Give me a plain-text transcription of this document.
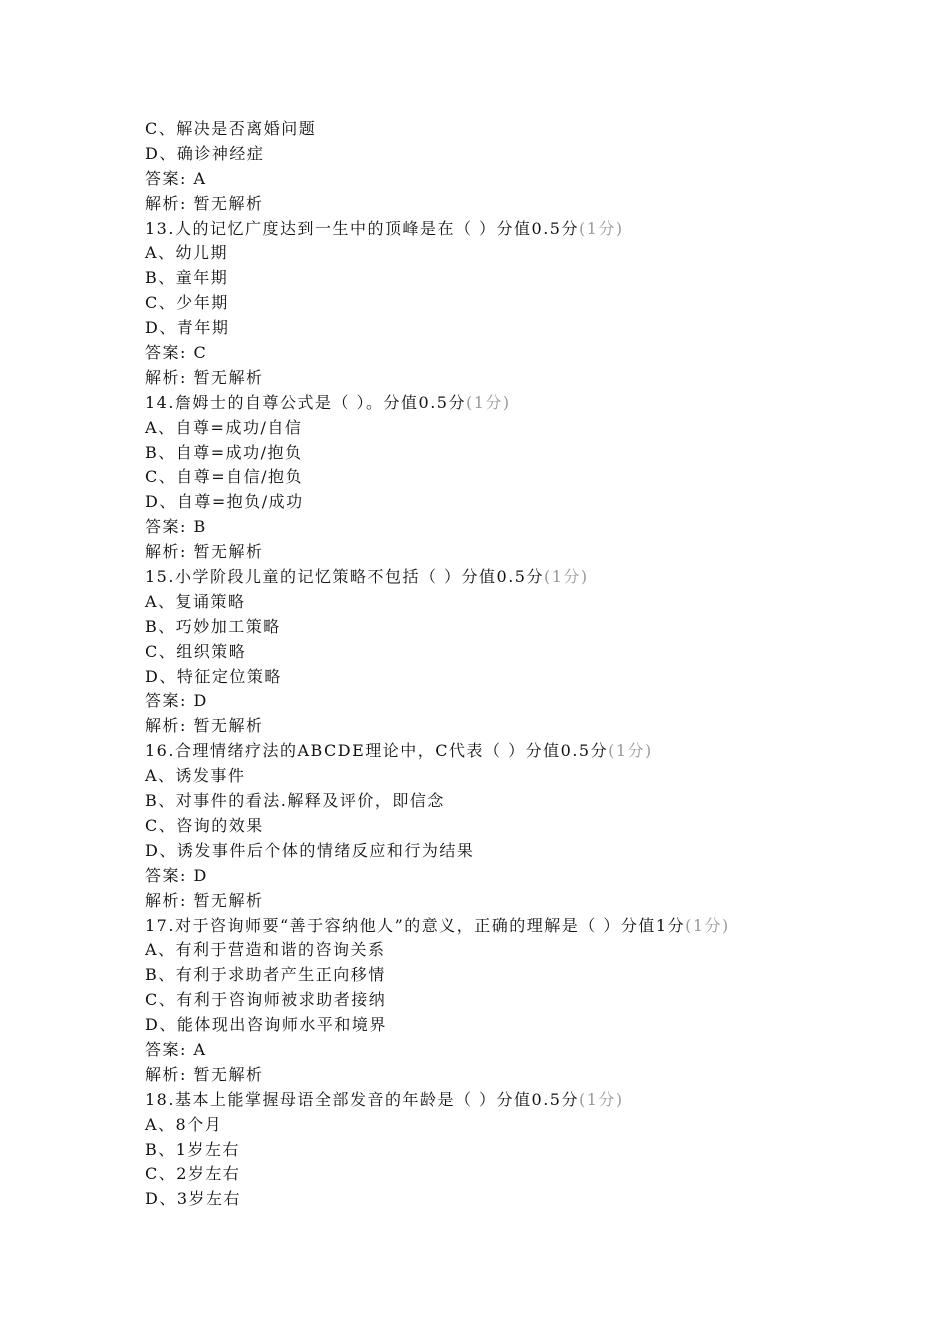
C、解决是否离婚问题
D、确诊神经症
答案: A
解析: 暂无解析
13.人的记忆广度达到一生中的顶峰是在（ ）分值0.5分(1分)
A、幼儿期
B、童年期
C、少年期
D、青年期
答案: C
解析: 暂无解析
14.詹姆士的自尊公式是（ ）。分值0.5分(1分)
A、自尊=成功/自信
B、自尊=成功/抱负
C、自尊=自信/抱负
D、自尊=抱负/成功
答案: B
解析: 暂无解析
15.小学阶段儿童的记忆策略不包括（ ）分值0.5分(1分)
A、复诵策略
B、巧妙加工策略
C、组织策略
D、特征定位策略
答案: D
解析: 暂无解析
16.合理情绪疗法的ABCDE理论中，C代表（ ）分值0.5分(1分)
A、诱发事件
B、对事件的看法.解释及评价，即信念
C、咨询的效果
D、诱发事件后个体的情绪反应和行为结果
答案: D
解析: 暂无解析
17.对于咨询师要“善于容纳他人”的意义，正确的理解是（ ）分值1分(1分)
A、有利于营造和谐的咨询关系
B、有利于求助者产生正向移情
C、有利于咨询师被求助者接纳
D、能体现出咨询师水平和境界
答案: A
解析: 暂无解析
18.基本上能掌握母语全部发音的年龄是（ ）分值0.5分(1分)
A、8个月
B、1岁左右
C、2岁左右
D、3岁左右
